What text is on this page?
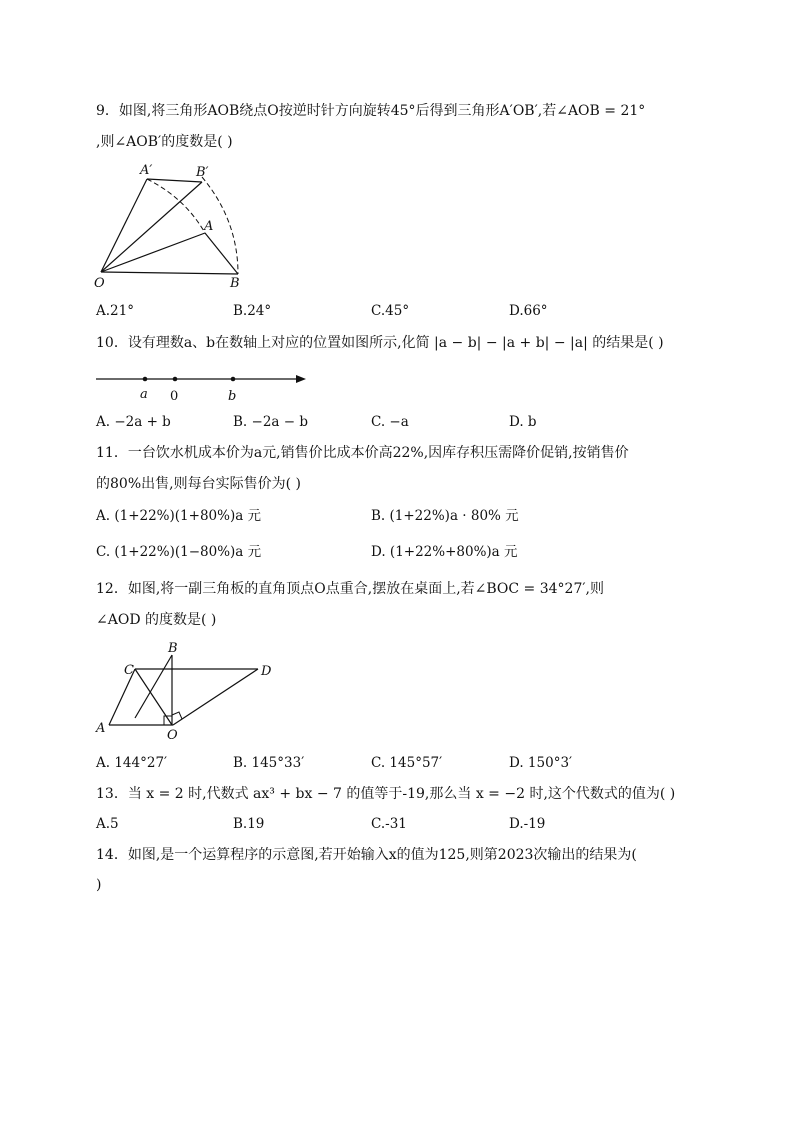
9．如图,将三角形AOB绕点O按逆时针方向旋转45°后得到三角形A′OB′,若∠AOB = 21°
,则∠AOB′的度数是( )
A′	B′
A
O	B
A.21°	B.24°	C.45°	D.66°
10．设有理数a、b在数轴上对应的位置如图所示,化简 |a − b| − |a + b| − |a| 的结果是( )
a 0	b
A. −2a + b	B. −2a − b	C. −a	D. b
11．一台饮水机成本价为a元,销售价比成本价高22%,因库存积压需降价促销,按销售价
的80%出售,则每台实际售价为( )
A. (1+22%)(1+80%)a 元	B. (1+22%)a · 80% 元
C. (1+22%)(1−80%)a 元	D. (1+22%+80%)a 元
12．如图,将一副三角板的直角顶点O点重合,摆放在桌面上,若∠BOC = 34°27′,则
∠AOD 的度数是( )
C
B
D
A	O
A. 144°27′	B. 145°33′	C. 145°57′	D. 150°3′
13．当 x = 2 时,代数式 ax³ + bx − 7 的值等于-19,那么当 x = −2 时,这个代数式的值为( )
A.5	B.19	C.-31	D.-19
14．如图,是一个运算程序的示意图,若开始输入x的值为125,则第2023次输出的结果为(
)
